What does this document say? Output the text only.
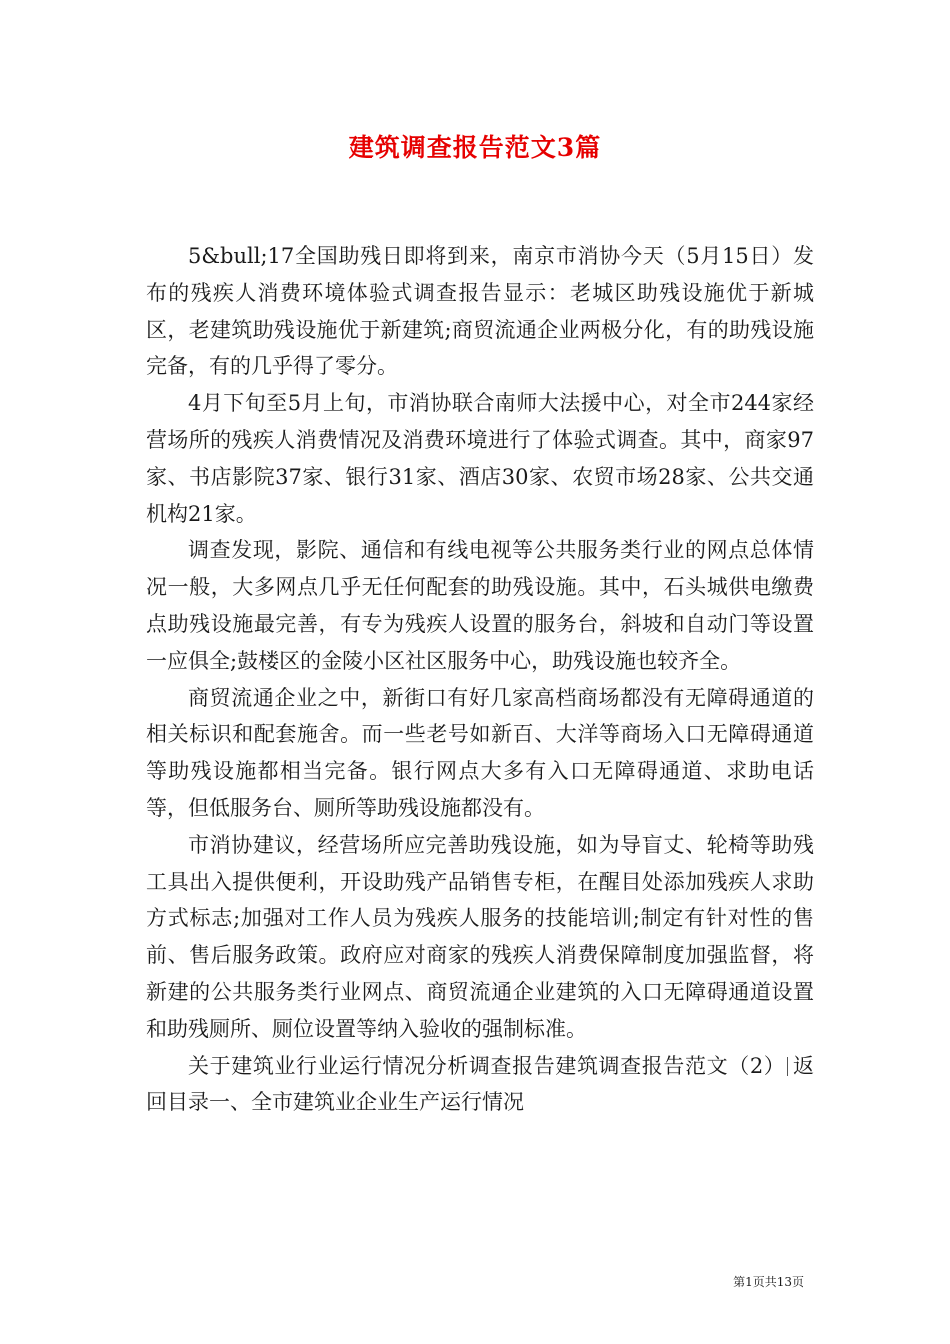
建筑调查报告范文3篇

5&bull;17全国助残日即将到来，南京市消协今天（5月15日）发布的残疾人消费环境体验式调查报告显示：老城区助残设施优于新城区，老建筑助残设施优于新建筑;商贸流通企业两极分化，有的助残设施完备，有的几乎得了零分。

4月下旬至5月上旬，市消协联合南师大法援中心，对全市244家经营场所的残疾人消费情况及消费环境进行了体验式调查。其中，商家97家、书店影院37家、银行31家、酒店30家、农贸市场28家、公共交通机构21家。

调查发现，影院、通信和有线电视等公共服务类行业的网点总体情况一般，大多网点几乎无任何配套的助残设施。其中，石头城供电缴费点助残设施最完善，有专为残疾人设置的服务台，斜坡和自动门等设置一应俱全;鼓楼区的金陵小区社区服务中心，助残设施也较齐全。

商贸流通企业之中，新街口有好几家高档商场都没有无障碍通道的相关标识和配套施舍。而一些老号如新百、大洋等商场入口无障碍通道等助残设施都相当完备。银行网点大多有入口无障碍通道、求助电话等，但低服务台、厕所等助残设施都没有。

市消协建议，经营场所应完善助残设施，如为导盲丈、轮椅等助残工具出入提供便利，开设助残产品销售专柜，在醒目处添加残疾人求助方式标志;加强对工作人员为残疾人服务的技能培训;制定有针对性的售前、售后服务政策。政府应对商家的残疾人消费保障制度加强监督，将新建的公共服务类行业网点、商贸流通企业建筑的入口无障碍通道设置和助残厕所、厕位设置等纳入验收的强制标准。

关于建筑业行业运行情况分析调查报告建筑调查报告范文（2） 返回目录一、全市建筑业企业生产运行情况

第1页共13页
